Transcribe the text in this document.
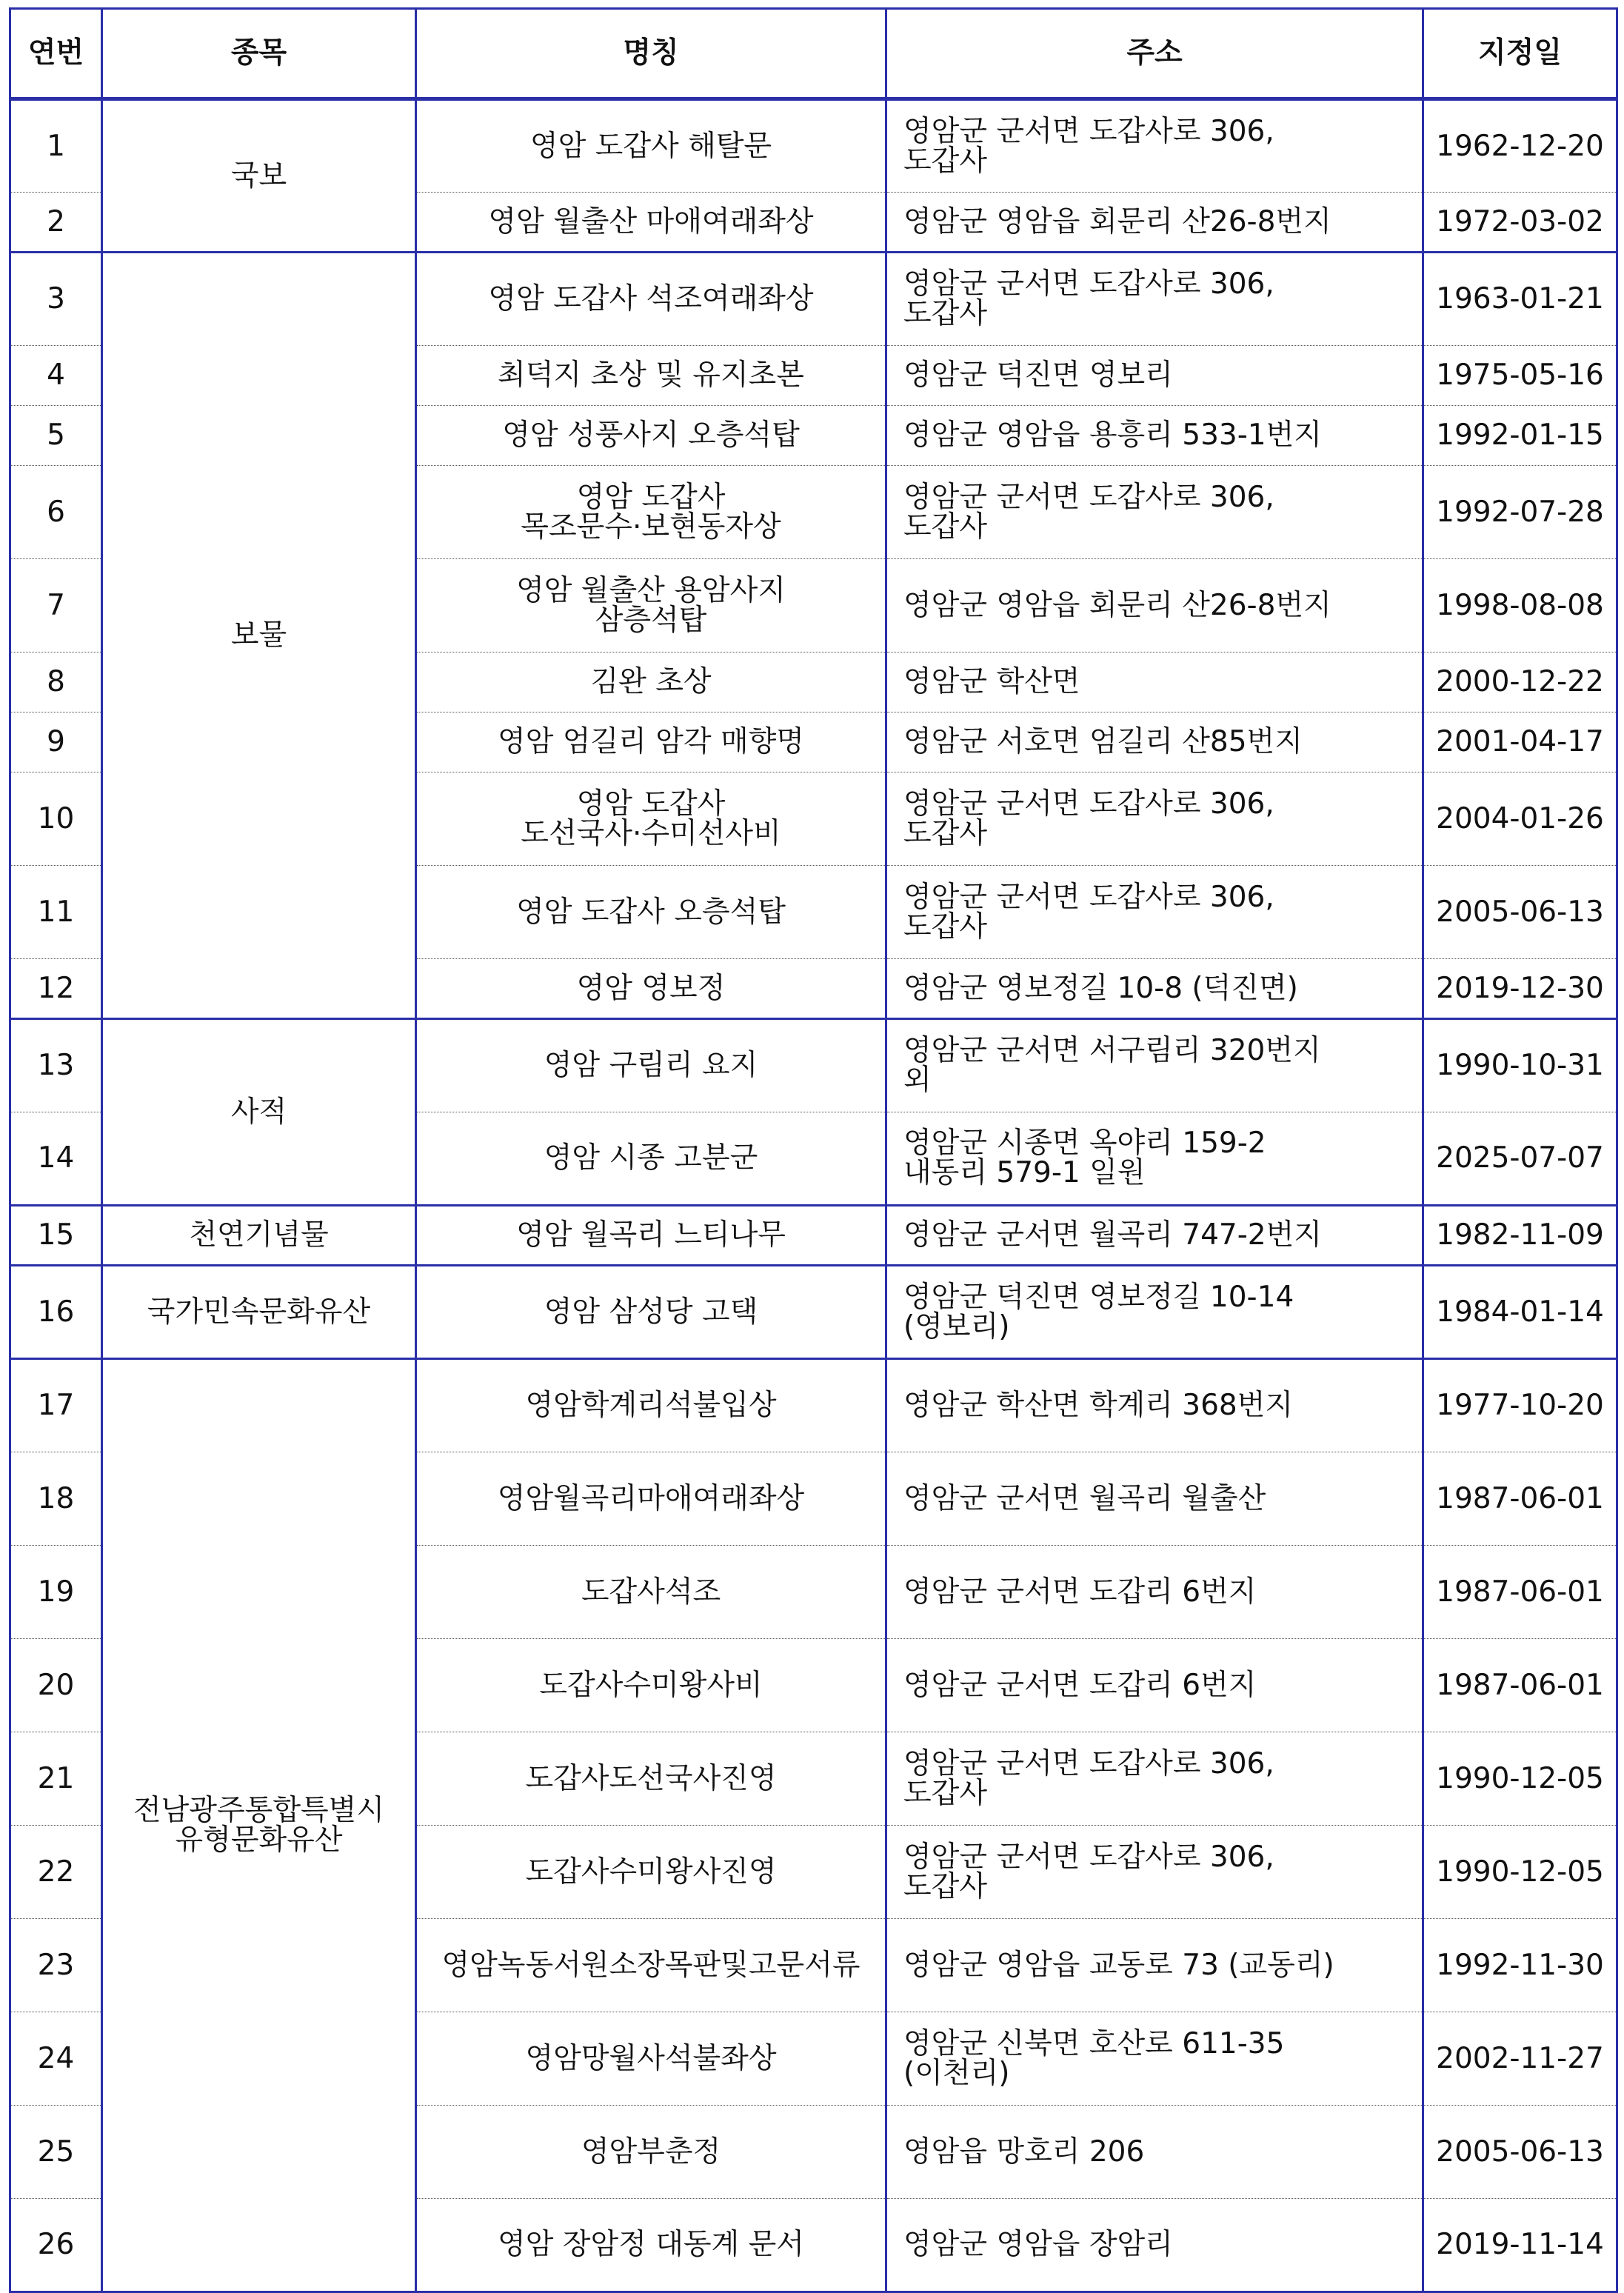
연번	종목	명칭	주소	지정일
1	국보	영암 도갑사 해탈문	영암군 군서면 도갑사로 306,
도갑사	1962-12-20
2		영암 월출산 마애여래좌상	영암군 영암읍 회문리 산26-8번지	1972-03-02
3	보물	영암 도갑사 석조여래좌상	영암군 군서면 도갑사로 306,
도갑사	1963-01-21
4		최덕지 초상 및 유지초본	영암군 덕진면 영보리	1975-05-16
5		영암 성풍사지 오층석탑	영암군 영암읍 용흥리 533-1번지	1992-01-15
6		영암 도갑사
목조문수·보현동자상	영암군 군서면 도갑사로 306,
도갑사	1992-07-28
7		영암 월출산 용암사지
삼층석탑	영암군 영암읍 회문리 산26-8번지	1998-08-08
8		김완 초상	영암군 학산면	2000-12-22
9		영암 엄길리 암각 매향명	영암군 서호면 엄길리 산85번지	2001-04-17
10		영암 도갑사
도선국사·수미선사비	영암군 군서면 도갑사로 306,
도갑사	2004-01-26
11		영암 도갑사 오층석탑	영암군 군서면 도갑사로 306,
도갑사	2005-06-13
12		영암 영보정	영암군 영보정길 10-8 (덕진면)	2019-12-30
13	사적	영암 구림리 요지	영암군 군서면 서구림리 320번지
외	1990-10-31
14		영암 시종 고분군	영암군 시종면 옥야리 159-2
내동리 579-1 일원	2025-07-07
15	천연기념물	영암 월곡리 느티나무	영암군 군서면 월곡리 747-2번지	1982-11-09
16	국가민속문화유산	영암 삼성당 고택	영암군 덕진면 영보정길 10-14
(영보리)	1984-01-14
17	전남광주통합특별시
유형문화유산	영암학계리석불입상	영암군 학산면 학계리 368번지	1977-10-20
18		영암월곡리마애여래좌상	영암군 군서면 월곡리 월출산	1987-06-01
19		도갑사석조	영암군 군서면 도갑리 6번지	1987-06-01
20		도갑사수미왕사비	영암군 군서면 도갑리 6번지	1987-06-01
21		도갑사도선국사진영	영암군 군서면 도갑사로 306,
도갑사	1990-12-05
22		도갑사수미왕사진영	영암군 군서면 도갑사로 306,
도갑사	1990-12-05
23		영암녹동서원소장목판및고문서류	영암군 영암읍 교동로 73 (교동리)	1992-11-30
24		영암망월사석불좌상	영암군 신북면 호산로 611-35
(이천리)	2002-11-27
25		영암부춘정	영암읍 망호리 206	2005-06-13
26		영암 장암정 대동계 문서	영암군 영암읍 장암리	2019-11-14
